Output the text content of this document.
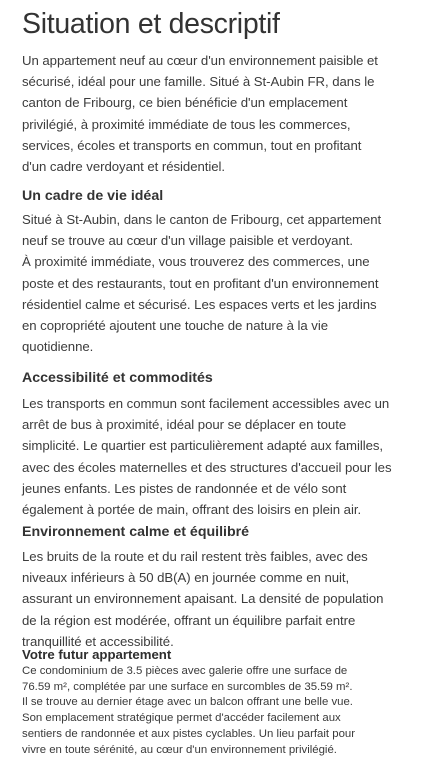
Situation et descriptif

Un appartement neuf au cœur d'un environnement paisible et
sécurisé, idéal pour une famille. Situé à St-Aubin FR, dans le
canton de Fribourg, ce bien bénéficie d'un emplacement
privilégié, à proximité immédiate de tous les commerces,
services, écoles et transports en commun, tout en profitant
d'un cadre verdoyant et résidentiel.

Un cadre de vie idéal

Situé à St-Aubin, dans le canton de Fribourg, cet appartement
neuf se trouve au cœur d'un village paisible et verdoyant.
À proximité immédiate, vous trouverez des commerces, une
poste et des restaurants, tout en profitant d'un environnement
résidentiel calme et sécurisé. Les espaces verts et les jardins
en copropriété ajoutent une touche de nature à la vie
quotidienne.

Accessibilité et commodités

Les transports en commun sont facilement accessibles avec un
arrêt de bus à proximité, idéal pour se déplacer en toute
simplicité. Le quartier est particulièrement adapté aux familles,
avec des écoles maternelles et des structures d'accueil pour les
jeunes enfants. Les pistes de randonnée et de vélo sont
également à portée de main, offrant des loisirs en plein air.

Environnement calme et équilibré

Les bruits de la route et du rail restent très faibles, avec des
niveaux inférieurs à 50 dB(A) en journée comme en nuit,
assurant un environnement apaisant. La densité de population
de la région est modérée, offrant un équilibre parfait entre
tranquillité et accessibilité.

Votre futur appartement

Ce condominium de 3.5 pièces avec galerie offre une surface de
76.59 m², complétée par une surface en surcombles de 35.59 m².
Il se trouve au dernier étage avec un balcon offrant une belle vue.
Son emplacement stratégique permet d'accéder facilement aux
sentiers de randonnée et aux pistes cyclables. Un lieu parfait pour
vivre en toute sérénité, au cœur d'un environnement privilégié.
